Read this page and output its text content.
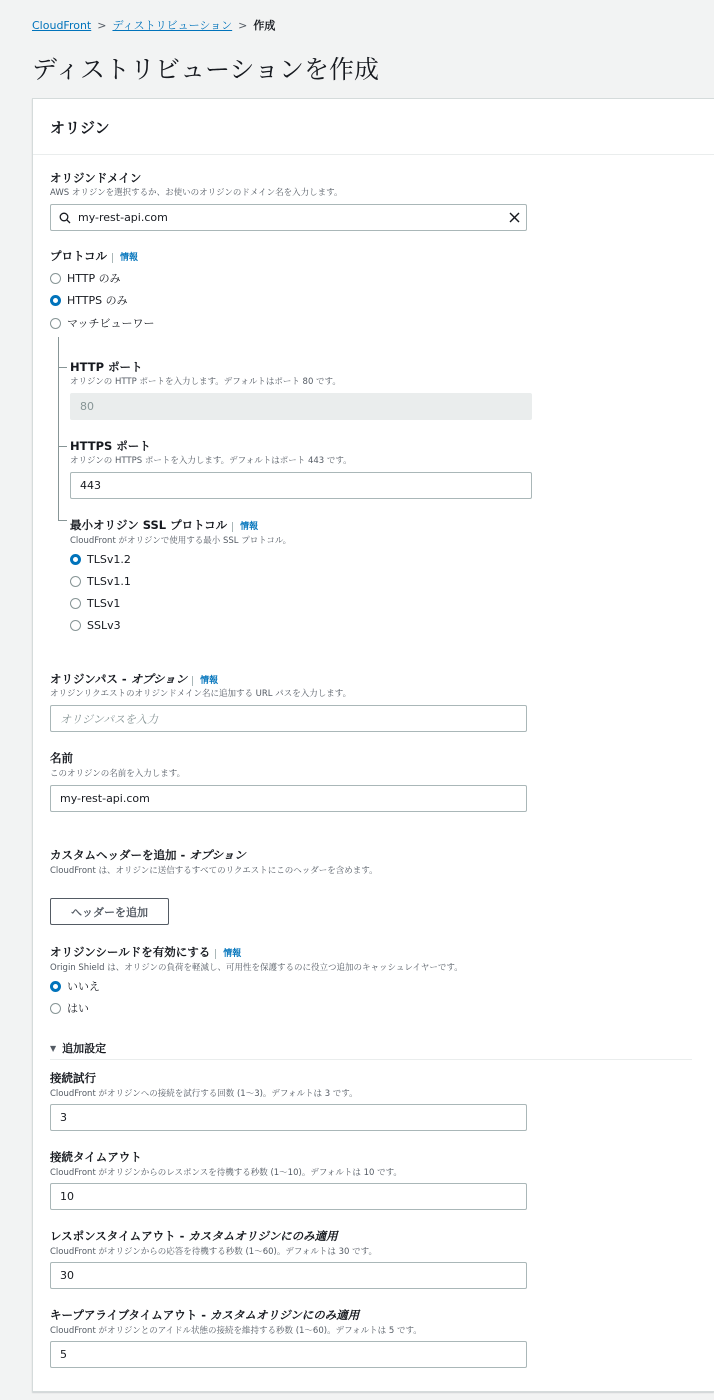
CloudFront > ディストリビューション > 作成
ディストリビューションを作成
オリジン
オリジンドメイン
AWS オリジンを選択するか、お使いのオリジンのドメイン名を入力します。
my-rest-api.com
プロトコル 情報
HTTP のみ
HTTPS のみ
マッチビューワー
HTTP ポート
オリジンの HTTP ポートを入力します。デフォルトはポート 80 です。
80
HTTPS ポート
オリジンの HTTPS ポートを入力します。デフォルトはポート 443 です。
443
最小オリジン SSL プロトコル 情報
CloudFront がオリジンで使用する最小 SSL プロトコル。
TLSv1.2
TLSv1.1
TLSv1
SSLv3
オリジンパス - オプション 情報
オリジンリクエストのオリジンドメイン名に追加する URL パスを入力します。
オリジンパスを入力
名前
このオリジンの名前を入力します。
my-rest-api.com
カスタムヘッダーを追加 - オプション
CloudFront は、オリジンに送信するすべてのリクエストにこのヘッダーを含めます。
ヘッダーを追加
オリジンシールドを有効にする 情報
Origin Shield は、オリジンの負荷を軽減し、可用性を保護するのに役立つ追加のキャッシュレイヤーです。
いいえ
はい
▼ 追加設定
接続試行
CloudFront がオリジンへの接続を試行する回数 (1～3)。デフォルトは 3 です。
3
接続タイムアウト
CloudFront がオリジンからのレスポンスを待機する秒数 (1～10)。デフォルトは 10 です。
10
レスポンスタイムアウト - カスタムオリジンにのみ適用
CloudFront がオリジンからの応答を待機する秒数 (1～60)。デフォルトは 30 です。
30
キープアライブタイムアウト - カスタムオリジンにのみ適用
CloudFront がオリジンとのアイドル状態の接続を維持する秒数 (1～60)。デフォルトは 5 です。
5
